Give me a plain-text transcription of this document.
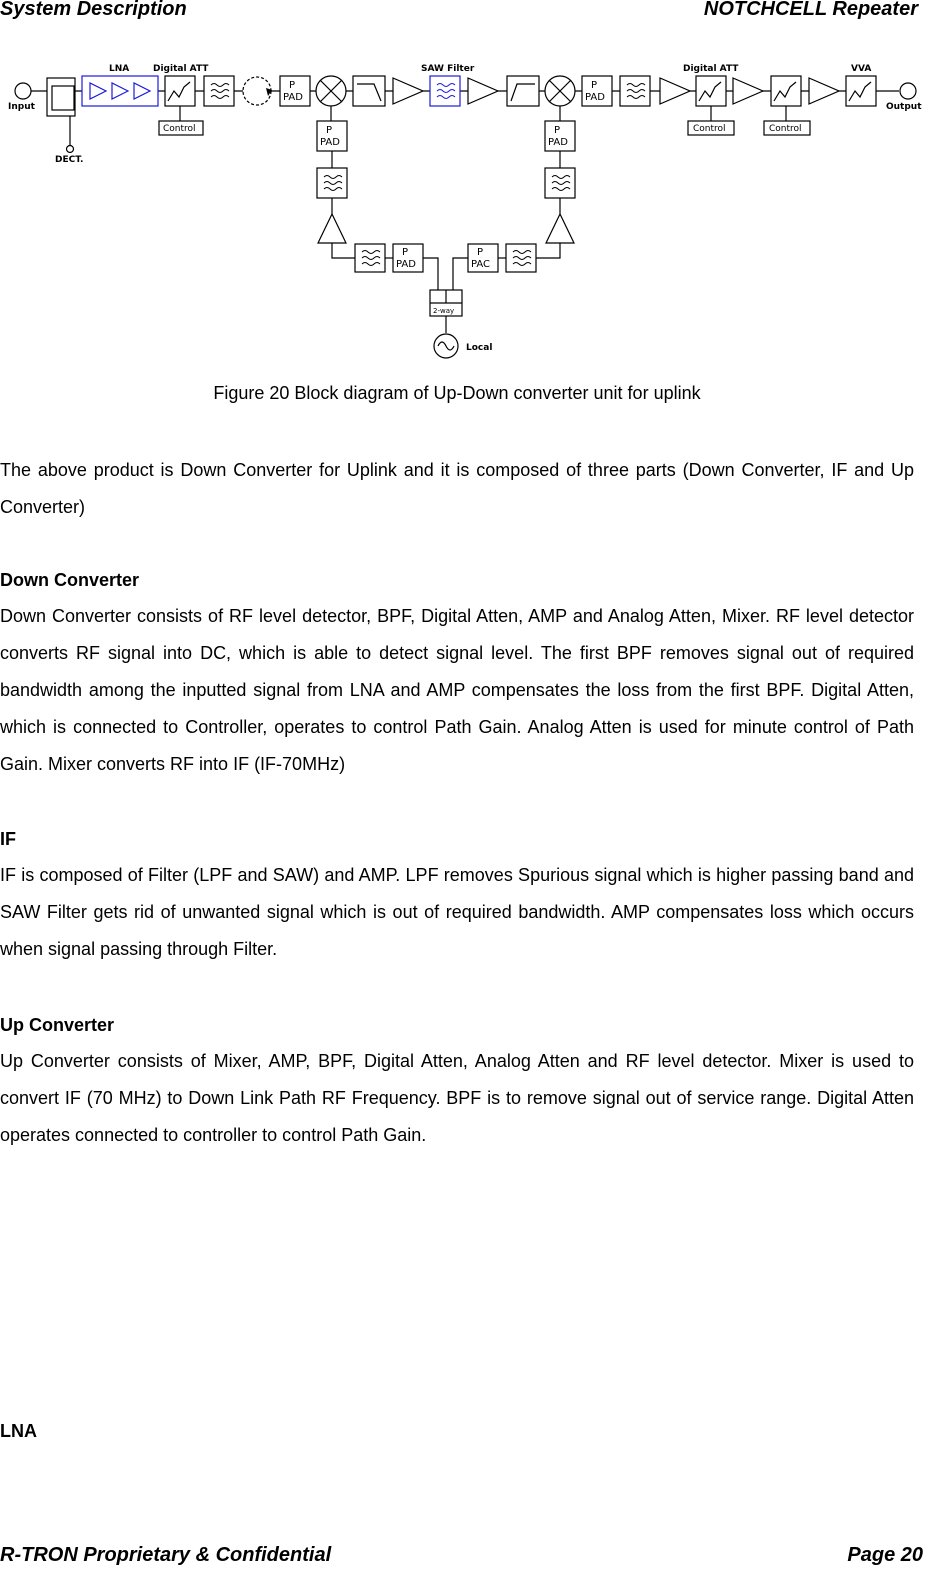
System Description	NOTCHCELL Repeater
Input	Output
DECT.
LNA	Digital ATT	SAW Filter	Digital ATT	VVA
Local
Control	Control	Control
2-way
P
PAD
P
PAD
P
PAD
P
PAD
P
PAD
P
PAC
Figure 20 Block diagram of Up-Down converter unit for uplink
The above product is Down Converter for Uplink and it is composed of three parts (Down Converter, IF and Up Converter)
Down Converter
Down Converter consists of RF level detector, BPF, Digital Atten, AMP and Analog Atten, Mixer. RF level detector converts RF signal into DC, which is able to detect signal level. The first BPF removes signal out of required bandwidth among the inputted signal from LNA and AMP compensates the loss from the first BPF. Digital Atten, which is connected to Controller, operates to control Path Gain. Analog Atten is used for minute control of Path Gain. Mixer converts RF into IF (IF-70MHz)
IF
IF is composed of Filter (LPF and SAW) and AMP. LPF removes Spurious signal which is higher passing band and SAW Filter gets rid of unwanted signal which is out of required bandwidth. AMP compensates loss which occurs when signal passing through Filter.
Up Converter
Up Converter consists of Mixer, AMP, BPF, Digital Atten, Analog Atten and RF level detector. Mixer is used to convert IF (70 MHz) to Down Link Path RF Frequency. BPF is to remove signal out of service range. Digital Atten operates connected to controller to control Path Gain.
LNA
R-TRON Proprietary & Confidential	Page 20
